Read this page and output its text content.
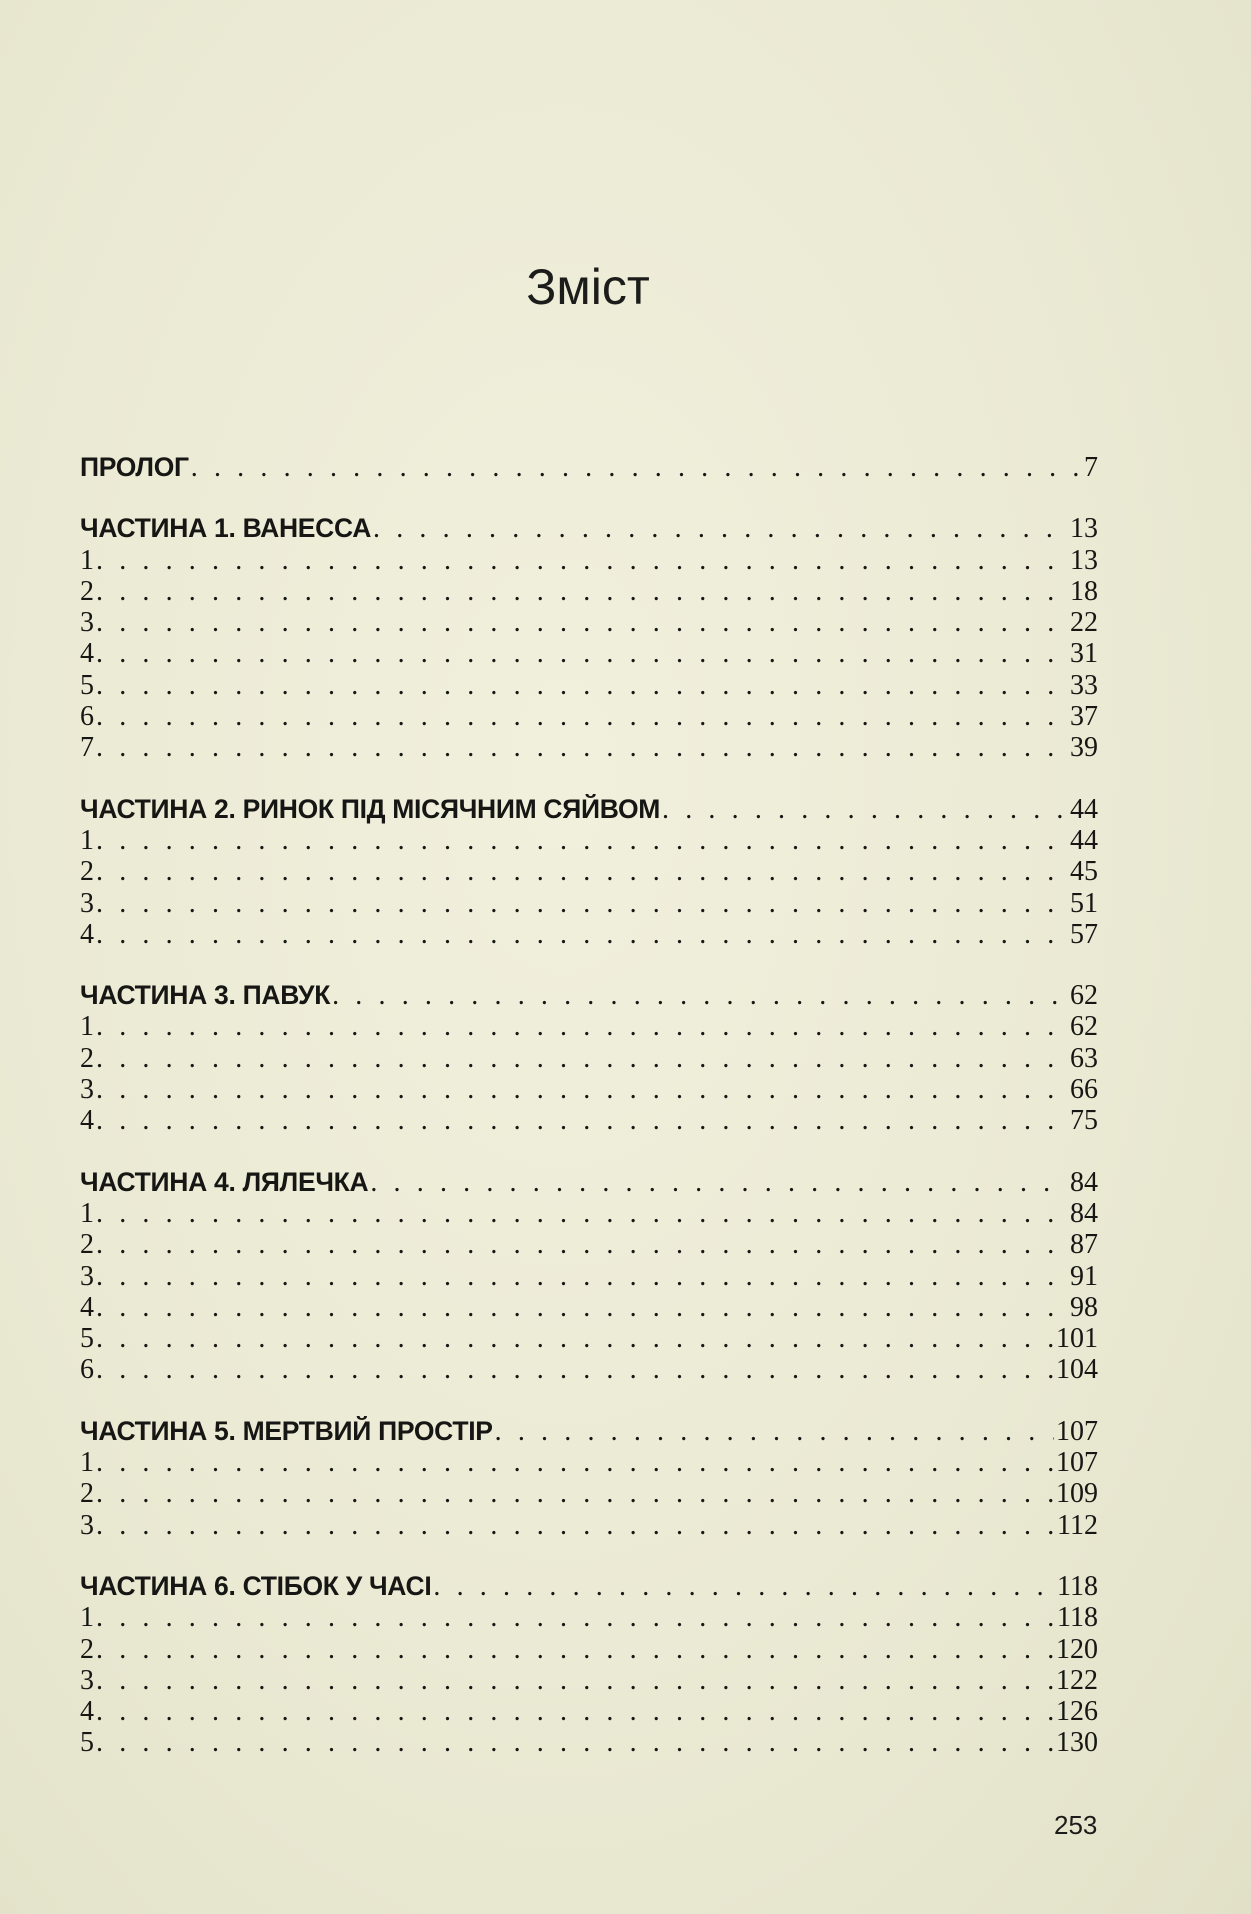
Зміст
ПРОЛОГ . . .	7
ЧАСТИНА 1. ВАНЕССА . . .	13
1 . . .	13
2 . . .	18
3 . . .	22
4 . . .	31
5 . . .	33
6 . . .	37
7 . . .	39
ЧАСТИНА 2. РИНОК ПІД МІСЯЧНИМ СЯЙВОМ . . .	44
1 . . .	44
2 . . .	45
3 . . .	51
4 . . .	57
ЧАСТИНА 3. ПАВУК . . .	62
1 . . .	62
2 . . .	63
3 . . .	66
4 . . .	75
ЧАСТИНА 4. ЛЯЛЕЧКА . . .	84
1 . . .	84
2 . . .	87
3 . . .	91
4 . . .	98
5 . . .	101
6 . . .	104
ЧАСТИНА 5. МЕРТВИЙ ПРОСТІР . . .	107
1 . . .	107
2 . . .	109
3 . . .	112
ЧАСТИНА 6. СТІБОК У ЧАСІ . . .	118
1 . . .	118
2 . . .	120
3 . . .	122
4 . . .	126
5 . . .	130
253
